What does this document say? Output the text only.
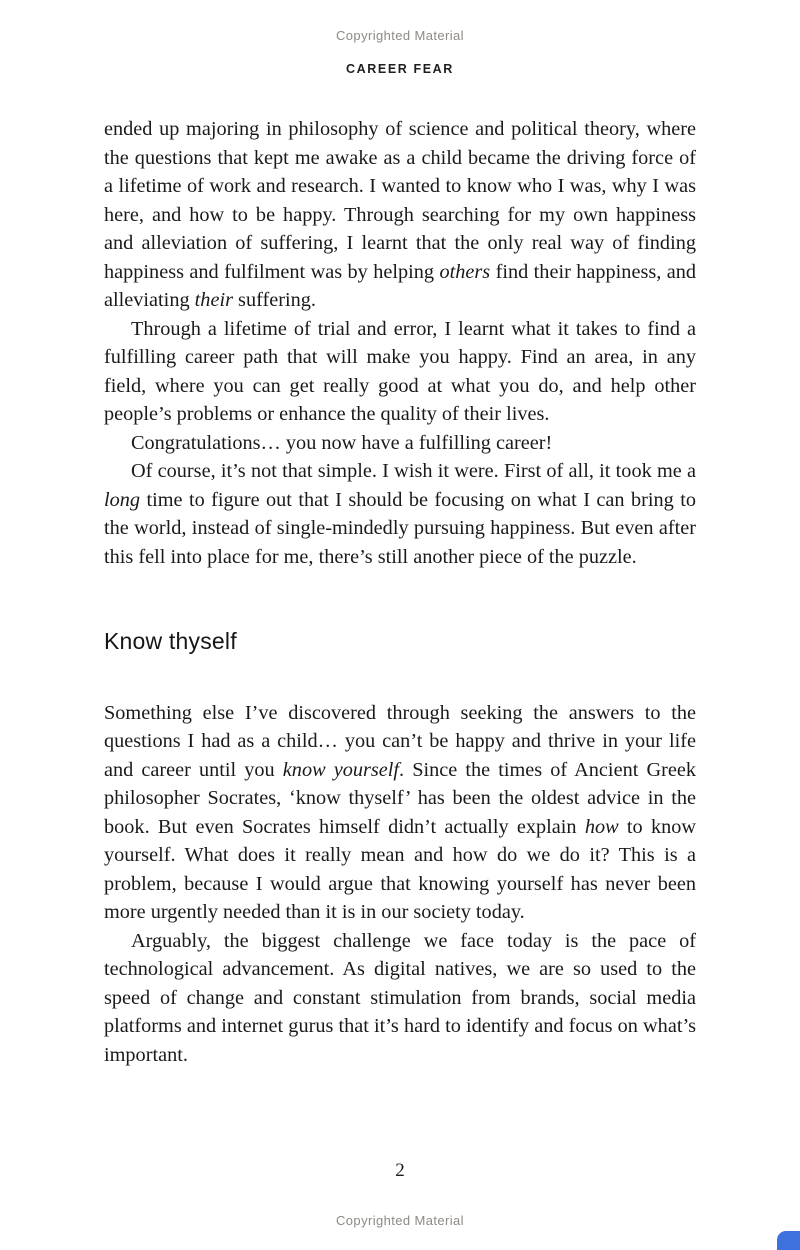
Copyrighted Material
CAREER FEAR

ended up majoring in philosophy of science and political theory, where the questions that kept me awake as a child became the driving force of a lifetime of work and research. I wanted to know who I was, why I was here, and how to be happy. Through searching for my own happiness and alleviation of suffering, I learnt that the only real way of finding happiness and fulfilment was by helping others find their happiness, and alleviating their suffering.

Through a lifetime of trial and error, I learnt what it takes to find a fulfilling career path that will make you happy. Find an area, in any field, where you can get really good at what you do, and help other people’s problems or enhance the quality of their lives.

Congratulations… you now have a fulfilling career!

Of course, it’s not that simple. I wish it were. First of all, it took me a long time to figure out that I should be focusing on what I can bring to the world, instead of single-mindedly pursuing happiness. But even after this fell into place for me, there’s still another piece of the puzzle.

Know thyself

Something else I’ve discovered through seeking the answers to the questions I had as a child… you can’t be happy and thrive in your life and career until you know yourself. Since the times of Ancient Greek philosopher Socrates, ‘know thyself’ has been the oldest advice in the book. But even Socrates himself didn’t actually explain how to know yourself. What does it really mean and how do we do it? This is a problem, because I would argue that knowing yourself has never been more urgently needed than it is in our society today.

Arguably, the biggest challenge we face today is the pace of technological advancement. As digital natives, we are so used to the speed of change and constant stimulation from brands, social media platforms and internet gurus that it’s hard to identify and focus on what’s important.

2
Copyrighted Material
